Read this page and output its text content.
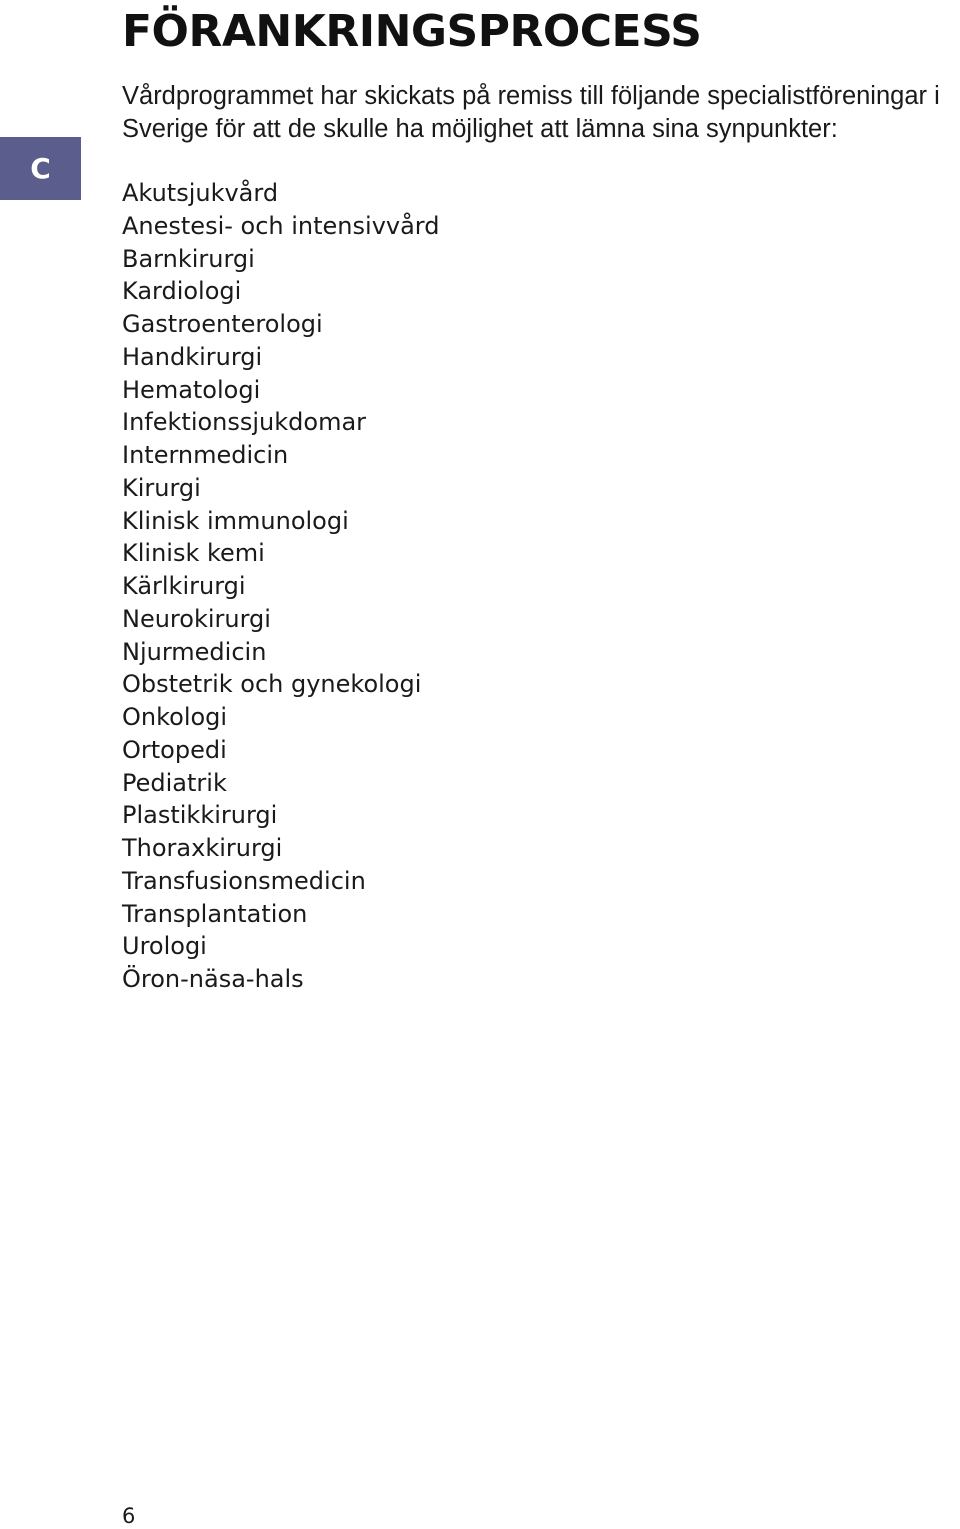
C
FÖRANKRINGSPROCESS

Vårdprogrammet har skickats på remiss till följande specialistföreningar i
Sverige för att de skulle ha möjlighet att lämna sina synpunkter:

Akutsjukvård
Anestesi- och intensivvård
Barnkirurgi
Kardiologi
Gastroenterologi
Handkirurgi
Hematologi
Infektionssjukdomar
Internmedicin
Kirurgi
Klinisk immunologi
Klinisk kemi
Kärlkirurgi
Neurokirurgi
Njurmedicin
Obstetrik och gynekologi
Onkologi
Ortopedi
Pediatrik
Plastikkirurgi
Thoraxkirurgi
Transfusionsmedicin
Transplantation
Urologi
Öron-näsa-hals
6
